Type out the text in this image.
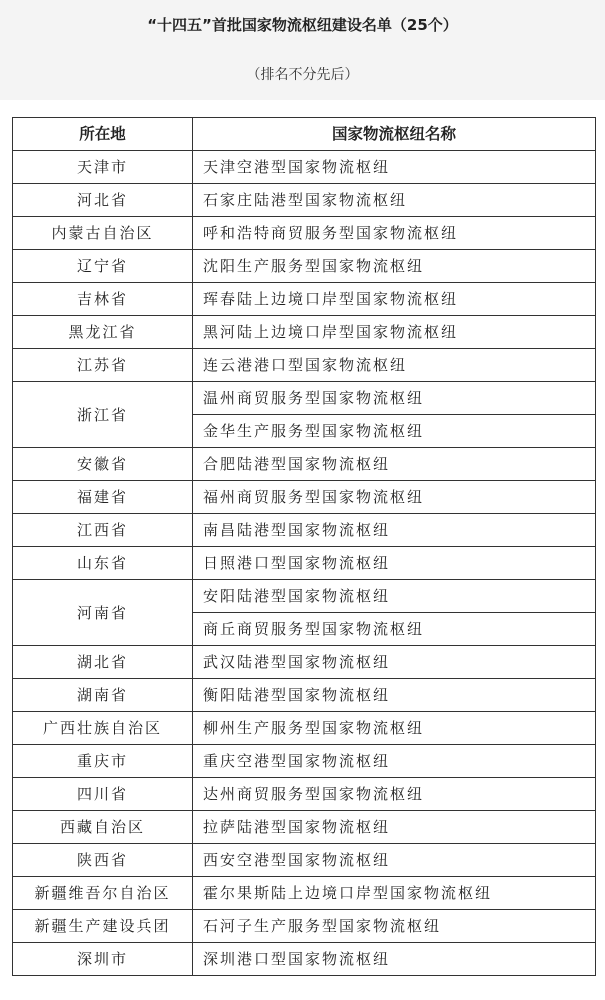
“十四五”首批国家物流枢纽建设名单（25个）
（排名不分先后）
所在地	国家物流枢纽名称
天津市	天津空港型国家物流枢纽
河北省	石家庄陆港型国家物流枢纽
内蒙古自治区	呼和浩特商贸服务型国家物流枢纽
辽宁省	沈阳生产服务型国家物流枢纽
吉林省	珲春陆上边境口岸型国家物流枢纽
黑龙江省	黑河陆上边境口岸型国家物流枢纽
江苏省	连云港港口型国家物流枢纽
浙江省	温州商贸服务型国家物流枢纽
	金华生产服务型国家物流枢纽
安徽省	合肥陆港型国家物流枢纽
福建省	福州商贸服务型国家物流枢纽
江西省	南昌陆港型国家物流枢纽
山东省	日照港口型国家物流枢纽
河南省	安阳陆港型国家物流枢纽
	商丘商贸服务型国家物流枢纽
湖北省	武汉陆港型国家物流枢纽
湖南省	衡阳陆港型国家物流枢纽
广西壮族自治区	柳州生产服务型国家物流枢纽
重庆市	重庆空港型国家物流枢纽
四川省	达州商贸服务型国家物流枢纽
西藏自治区	拉萨陆港型国家物流枢纽
陕西省	西安空港型国家物流枢纽
新疆维吾尔自治区	霍尔果斯陆上边境口岸型国家物流枢纽
新疆生产建设兵团	石河子生产服务型国家物流枢纽
深圳市	深圳港口型国家物流枢纽
